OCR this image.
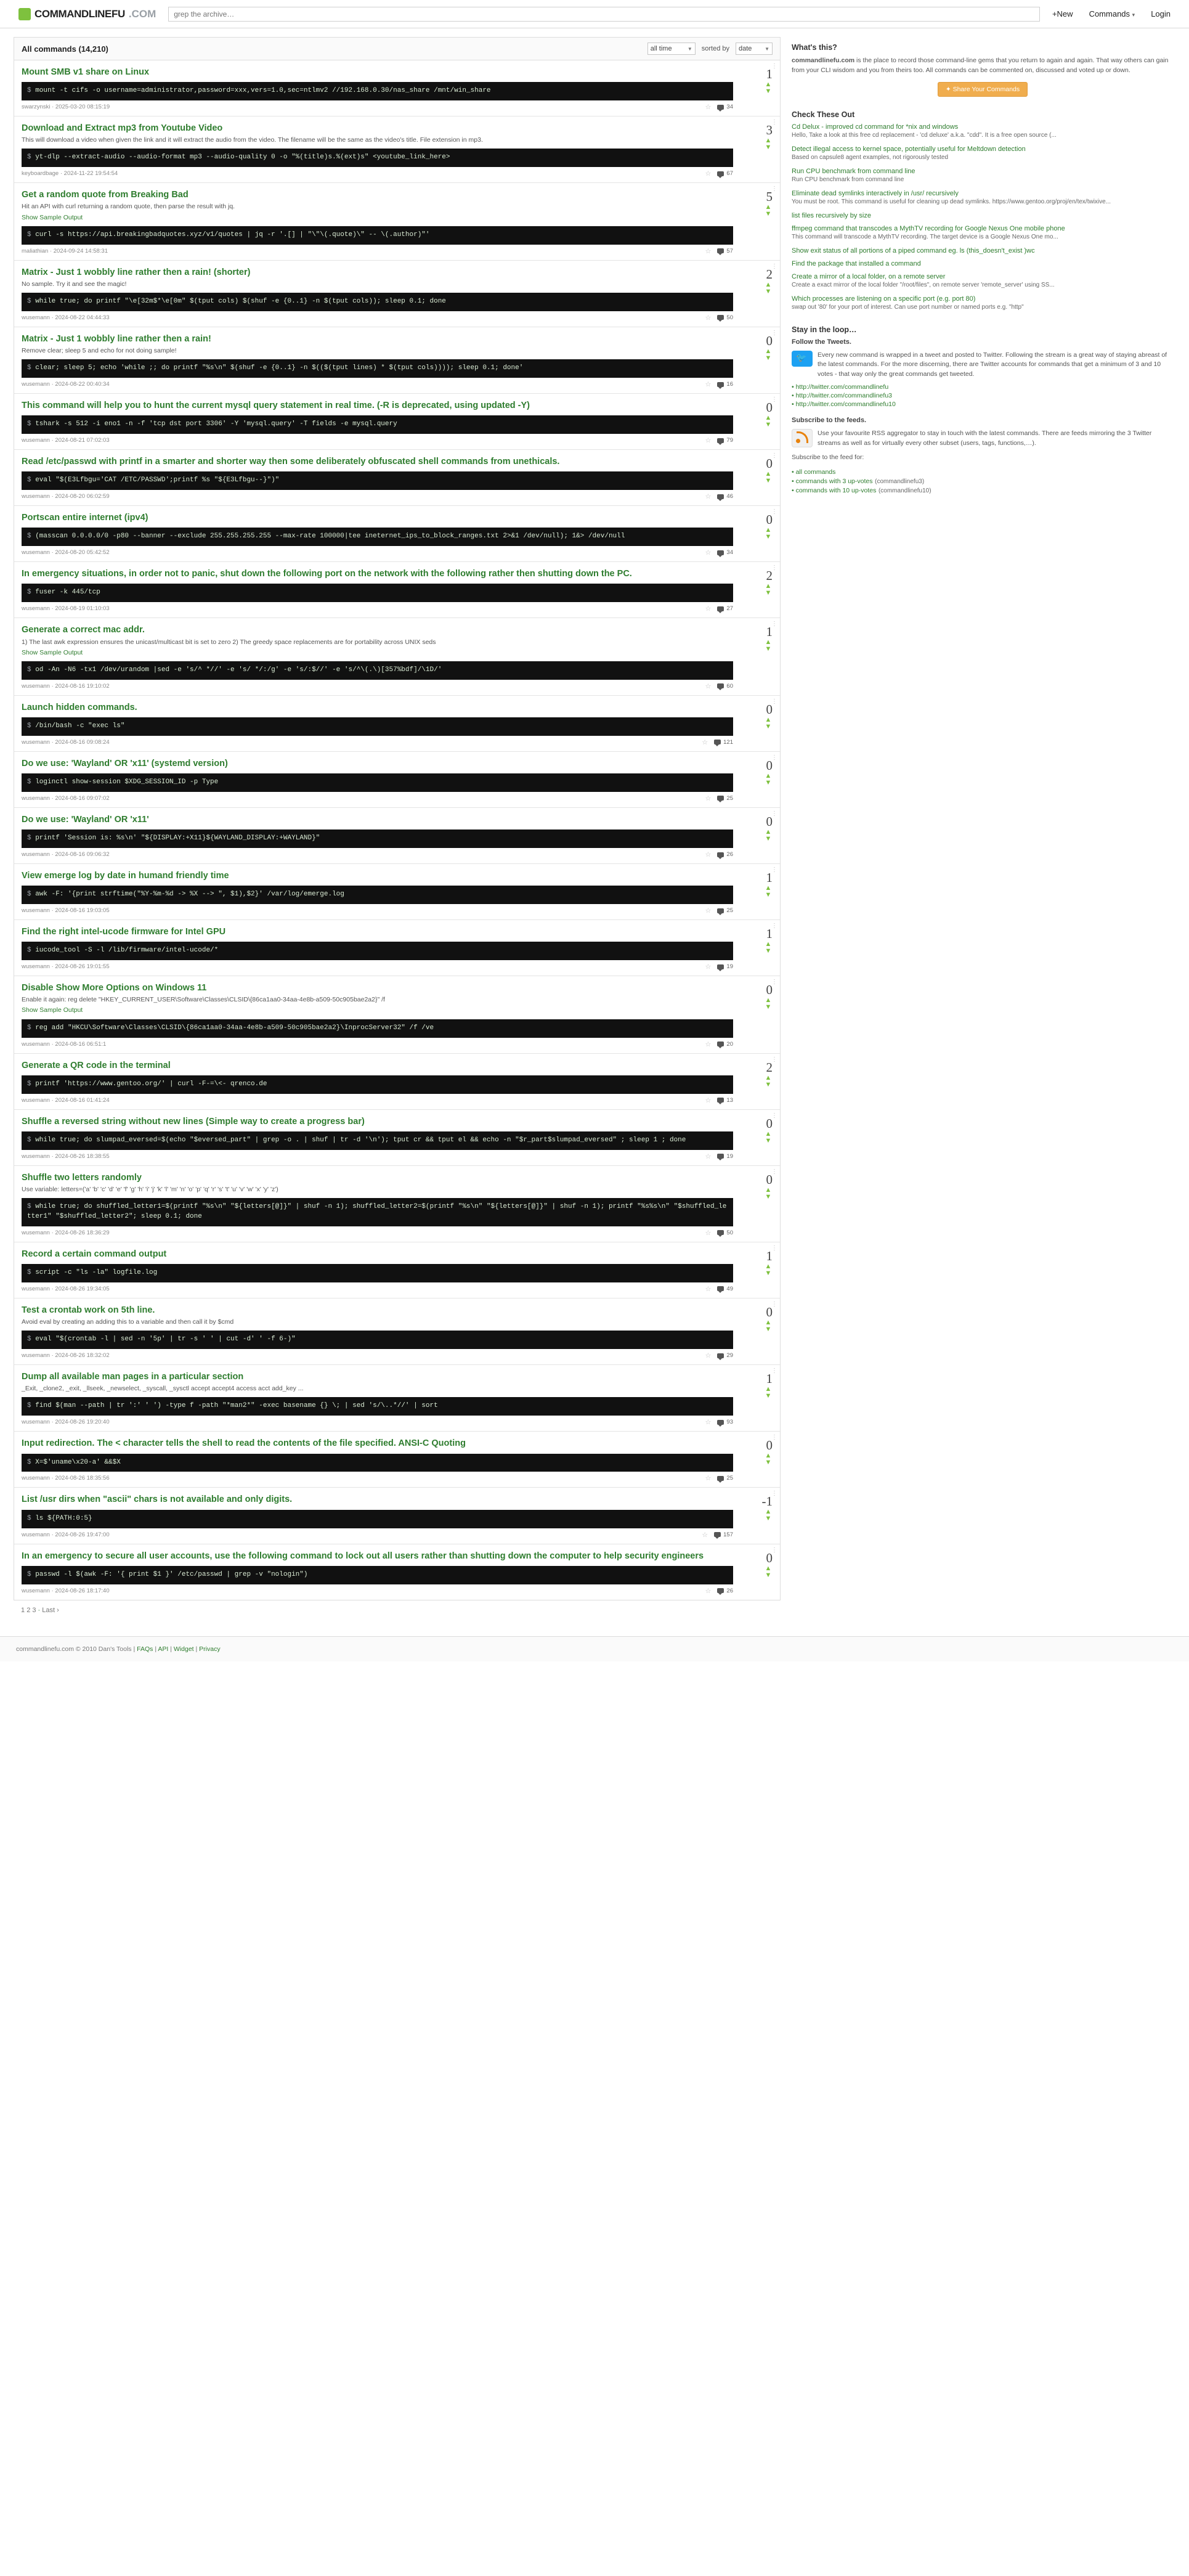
COMMANDLINEFU .COM
grep the archive…	+New Commands ▾ Login
All commands (14,210)	all time	▼ sorted by date	▼
⋮
Mount SMB v1 share on Linux
$ mount -t cifs -o username=administrator,password=xxx,vers=1.0,sec=ntlmv2 //192.168.0.30/nas_share /mnt/win_share
swarzynski · 2025-03-20 08:15:19	☆	34
1
▲
▼
⋮
Download and Extract mp3 from Youtube Video
This will download a video when given the link and it will extract the audio from the video. The filename will be the same as the video's title. File extension in mp3.
$ yt-dlp --extract-audio --audio-format mp3 --audio-quality 0 -o "%(title)s.%(ext)s" <youtube_link_here>
keyboardbage · 2024-11-22 19:54:54	☆	67
3
▲
▼
⋮
Get a random quote from Breaking Bad
Hit an API with curl returning a random quote, then parse the result with jq.
Show Sample Output
$ curl -s https://api.breakingbadquotes.xyz/v1/quotes | jq -r '.[] | "\"\(.quote)\" -- \(.author)"'
maliathian · 2024-09-24 14:58:31	☆	57
5
▲
▼
⋮
Matrix - Just 1 wobbly line rather then a rain! (shorter)
No sample. Try it and see the magic!
$ while true; do printf "\e[32m$*\e[0m" $(tput cols) $(shuf -e {0..1} -n $(tput cols)); sleep 0.1; done
wusemann · 2024-08-22 04:44:33	☆	50
2
▲
▼
⋮
Matrix - Just 1 wobbly line rather then a rain!
Remove clear; sleep 5 and echo for not doing sample!
$ clear; sleep 5; echo 'while ;; do printf "%s\n" $(shuf -e {0..1} -n $(($(tput lines) * $(tput cols)))); sleep 0.1; done'
wusemann · 2024-08-22 00:40:34	☆	16
0
▲
▼
⋮
This command will help you to hunt the current mysql query statement in real time. (-R is deprecated, using updated -Y)
$ tshark -s 512 -i eno1 -n -f 'tcp dst port 3306' -Y 'mysql.query' -T fields -e mysql.query
wusemann · 2024-08-21 07:02:03	☆	79
0
▲
▼
⋮
Read /etc/passwd with printf in a smarter and shorter way then some deliberately obfuscated shell commands from unethicals.
$ eval "$(E3Lfbgu='CAT /ETC/PASSWD';printf %s "${E3Lfbgu--}")"
wusemann · 2024-08-20 06:02:59	☆	46
0
▲
▼
⋮
Portscan entire internet (ipv4)
$ (masscan 0.0.0.0/0 -p80 --banner --exclude 255.255.255.255 --max-rate 100000|tee ineternet_ips_to_block_ranges.txt 2>&1 /dev/null); 1&> /dev/null
wusemann · 2024-08-20 05:42:52	☆	34
0
▲
▼
⋮
In emergency situations, in order not to panic, shut down the following port on the network with the following rather then shutting down the PC.
$ fuser -k 445/tcp
wusemann · 2024-08-19 01:10:03	☆	27
2
▲
▼
⋮
Generate a correct mac addr.
1) The last awk expression ensures the unicast/multicast bit is set to zero 2) The greedy space replacements are for portability across UNIX seds
Show Sample Output
$ od -An -N6 -tx1 /dev/urandom |sed -e 's/^ *//' -e 's/ */:/g' -e 's/:$//' -e 's/^\(.\)[357%bdf]/\1D/'
wusemann · 2024-08-16 19:10:02	☆	60
1
▲
▼
⋮
Launch hidden commands.
$ /bin/bash -c "exec ls"
wusemann · 2024-08-16 09:08:24	☆	121
0
▲
▼
⋮
Do we use: 'Wayland' OR 'x11' (systemd version)
$ loginctl show-session $XDG_SESSION_ID -p Type
wusemann · 2024-08-16 09:07:02	☆	25
0
▲
▼
⋮
Do we use: 'Wayland' OR 'x11'
$ printf 'Session is: %s\n' "${DISPLAY:+X11}${WAYLAND_DISPLAY:+WAYLAND}"
wusemann · 2024-08-16 09:06:32	☆	26
0
▲
▼
⋮
View emerge log by date in humand friendly time
$ awk -F: '{print strftime("%Y-%m-%d -> %X --> ", $1),$2}' /var/log/emerge.log
wusemann · 2024-08-16 19:03:05	☆	25
1
▲
▼
⋮
Find the right intel-ucode firmware for Intel GPU
$ iucode_tool -S -l /lib/firmware/intel-ucode/*
wusemann · 2024-08-26 19:01:55	☆	19
1
▲
▼
⋮
Disable Show More Options on Windows 11
Enable it again: reg delete "HKEY_CURRENT_USER\Software\Classes\CLSID\{86ca1aa0-34aa-4e8b-a509-50c905bae2a2}" /f
Show Sample Output
$ reg add "HKCU\Software\Classes\CLSID\{86ca1aa0-34aa-4e8b-a509-50c905bae2a2}\InprocServer32" /f /ve
wusemann · 2024-08-16 06:51:1	☆	20
0
▲
▼
⋮
Generate a QR code in the terminal
$ printf 'https://www.gentoo.org/' | curl -F-=\<- qrenco.de
wusemann · 2024-08-16 01:41:24	☆	13
2
▲
▼
⋮
Shuffle a reversed string without new lines (Simple way to create a progress bar)
$ while true; do slumpad_eversed=$(echo "$eversed_part" | grep -o . | shuf | tr -d '\n'); tput cr && tput el && echo -n "$r_part$slumpad_eversed" ; sleep 1 ; done
wusemann · 2024-08-26 18:38:55	☆	19
0
▲
▼
⋮
Shuffle two letters randomly
Use variable: letters=('a' 'b' 'c' 'd' 'e' 'f' 'g' 'h' 'i' 'j' 'k' 'l' 'm' 'n' 'o' 'p' 'q' 'r' 's' 't' 'u' 'v' 'w' 'x' 'y' 'z')
$ while true; do shuffled_letter1=$(printf "%s\n" "${letters[@]}" | shuf -n 1); shuffled_letter2=$(printf "%s\n" "${letters[@]}" | shuf -n 1); printf "%s%s\n" "$shuffled_letter1" "$shuffled_letter2"; sleep 0.1; done
wusemann · 2024-08-26 18:36:29	☆	50
0
▲
▼
⋮
Record a certain command output
$ script -c "ls -la" logfile.log
wusemann · 2024-08-26 19:34:05	☆	49
1
▲
▼
⋮
Test a crontab work on 5th line.
Avoid eval by creating an adding this to a variable and then call it by $cmd
$ eval "$(crontab -l | sed -n '5p' | tr -s ' ' | cut -d' ' -f 6-)"
wusemann · 2024-08-26 18:32:02	☆	29
0
▲
▼
⋮
Dump all available man pages in a particular section
_Exit, _clone2, _exit, _llseek, _newselect, _syscall, _sysctl accept accept4 access acct add_key ...
$ find $(man --path | tr ':' ' ') -type f -path "*man2*" -exec basename {} \; | sed 's/\..*//' | sort
wusemann · 2024-08-26 19:20:40	☆	93
1
▲
▼
⋮
Input redirection. The < character tells the shell to read the contents of the file specified. ANSI-C Quoting
$ X=$'uname\x20-a' &&$X
wusemann · 2024-08-26 18:35:56	☆	25
0
▲
▼
⋮
List /usr dirs when "ascii" chars is not available and only digits.
$ ls ${PATH:0:5}
wusemann · 2024-08-26 19:47:00	☆	157
-1
▲
▼
⋮
In an emergency to secure all user accounts, use the following command to lock out all users rather than shutting down the computer to help security engineers
$ passwd -l $(awk -F: '{ print $1 }' /etc/passwd | grep -v "nologin")
wusemann · 2024-08-26 18:17:40	☆	26
0
▲
▼
1 2 3 · Last ›
What's this?
commandlinefu.com is the place to record those command-line gems that you return to again and again. That way others can gain from your CLI wisdom and you from theirs too. All commands can be commented on, discussed and voted up or down.
✦ Share Your Commands
Check These Out
Cd Delux - improved cd command for *nix and windows
Hello, Take a look at this free cd replacement - 'cd deluxe' a.k.a. "cdd". It is a free open source (...
Detect illegal access to kernel space, potentially useful for Meltdown detection
Based on capsule8 agent examples, not rigorously tested
Run CPU benchmark from command line
Run CPU benchmark from command line
Eliminate dead symlinks interactively in /usr/ recursively
You must be root. This command is useful for cleaning up dead symlinks. https://www.gentoo.org/proj/en/tex/twixive...
list files recursively by size
ffmpeg command that transcodes a MythTV recording for Google Nexus One mobile phone
This command will transcode a MythTV recording. The target device is a Google Nexus One mo...
Show exit status of all portions of a piped command eg. ls (this_doesn't_exist )wc
Find the package that installed a command
Create a mirror of a local folder, on a remote server
Create a exact mirror of the local folder "/root/files", on remote server 'remote_server' using SS...
Which processes are listening on a specific port (e.g. port 80)
swap out '80' for your port of interest. Can use port number or named ports e.g. "http"
Stay in the loop…
Follow the Tweets.
🐦
Every new command is wrapped in a tweet and posted to Twitter. Following the stream is a great way of staying abreast of the latest commands. For the more discerning, there are Twitter accounts for commands that get a minimum of 3 and 10 votes - that way only the great commands get tweeted.
• http://twitter.com/commandlinefu
• http://twitter.com/commandlinefu3
• http://twitter.com/commandlinefu10
Subscribe to the feeds.
Use your favourite RSS aggregator to stay in touch with the latest commands. There are feeds mirroring the 3 Twitter streams as well as for virtually every other subset (users, tags, functions,…).
Subscribe to the feed for:
• all commands
• commands with 3 up-votes (commandlinefu3)
• commands with 10 up-votes (commandlinefu10)
commandlinefu.com © 2010 Dan's Tools | FAQs | API | Widget | Privacy
